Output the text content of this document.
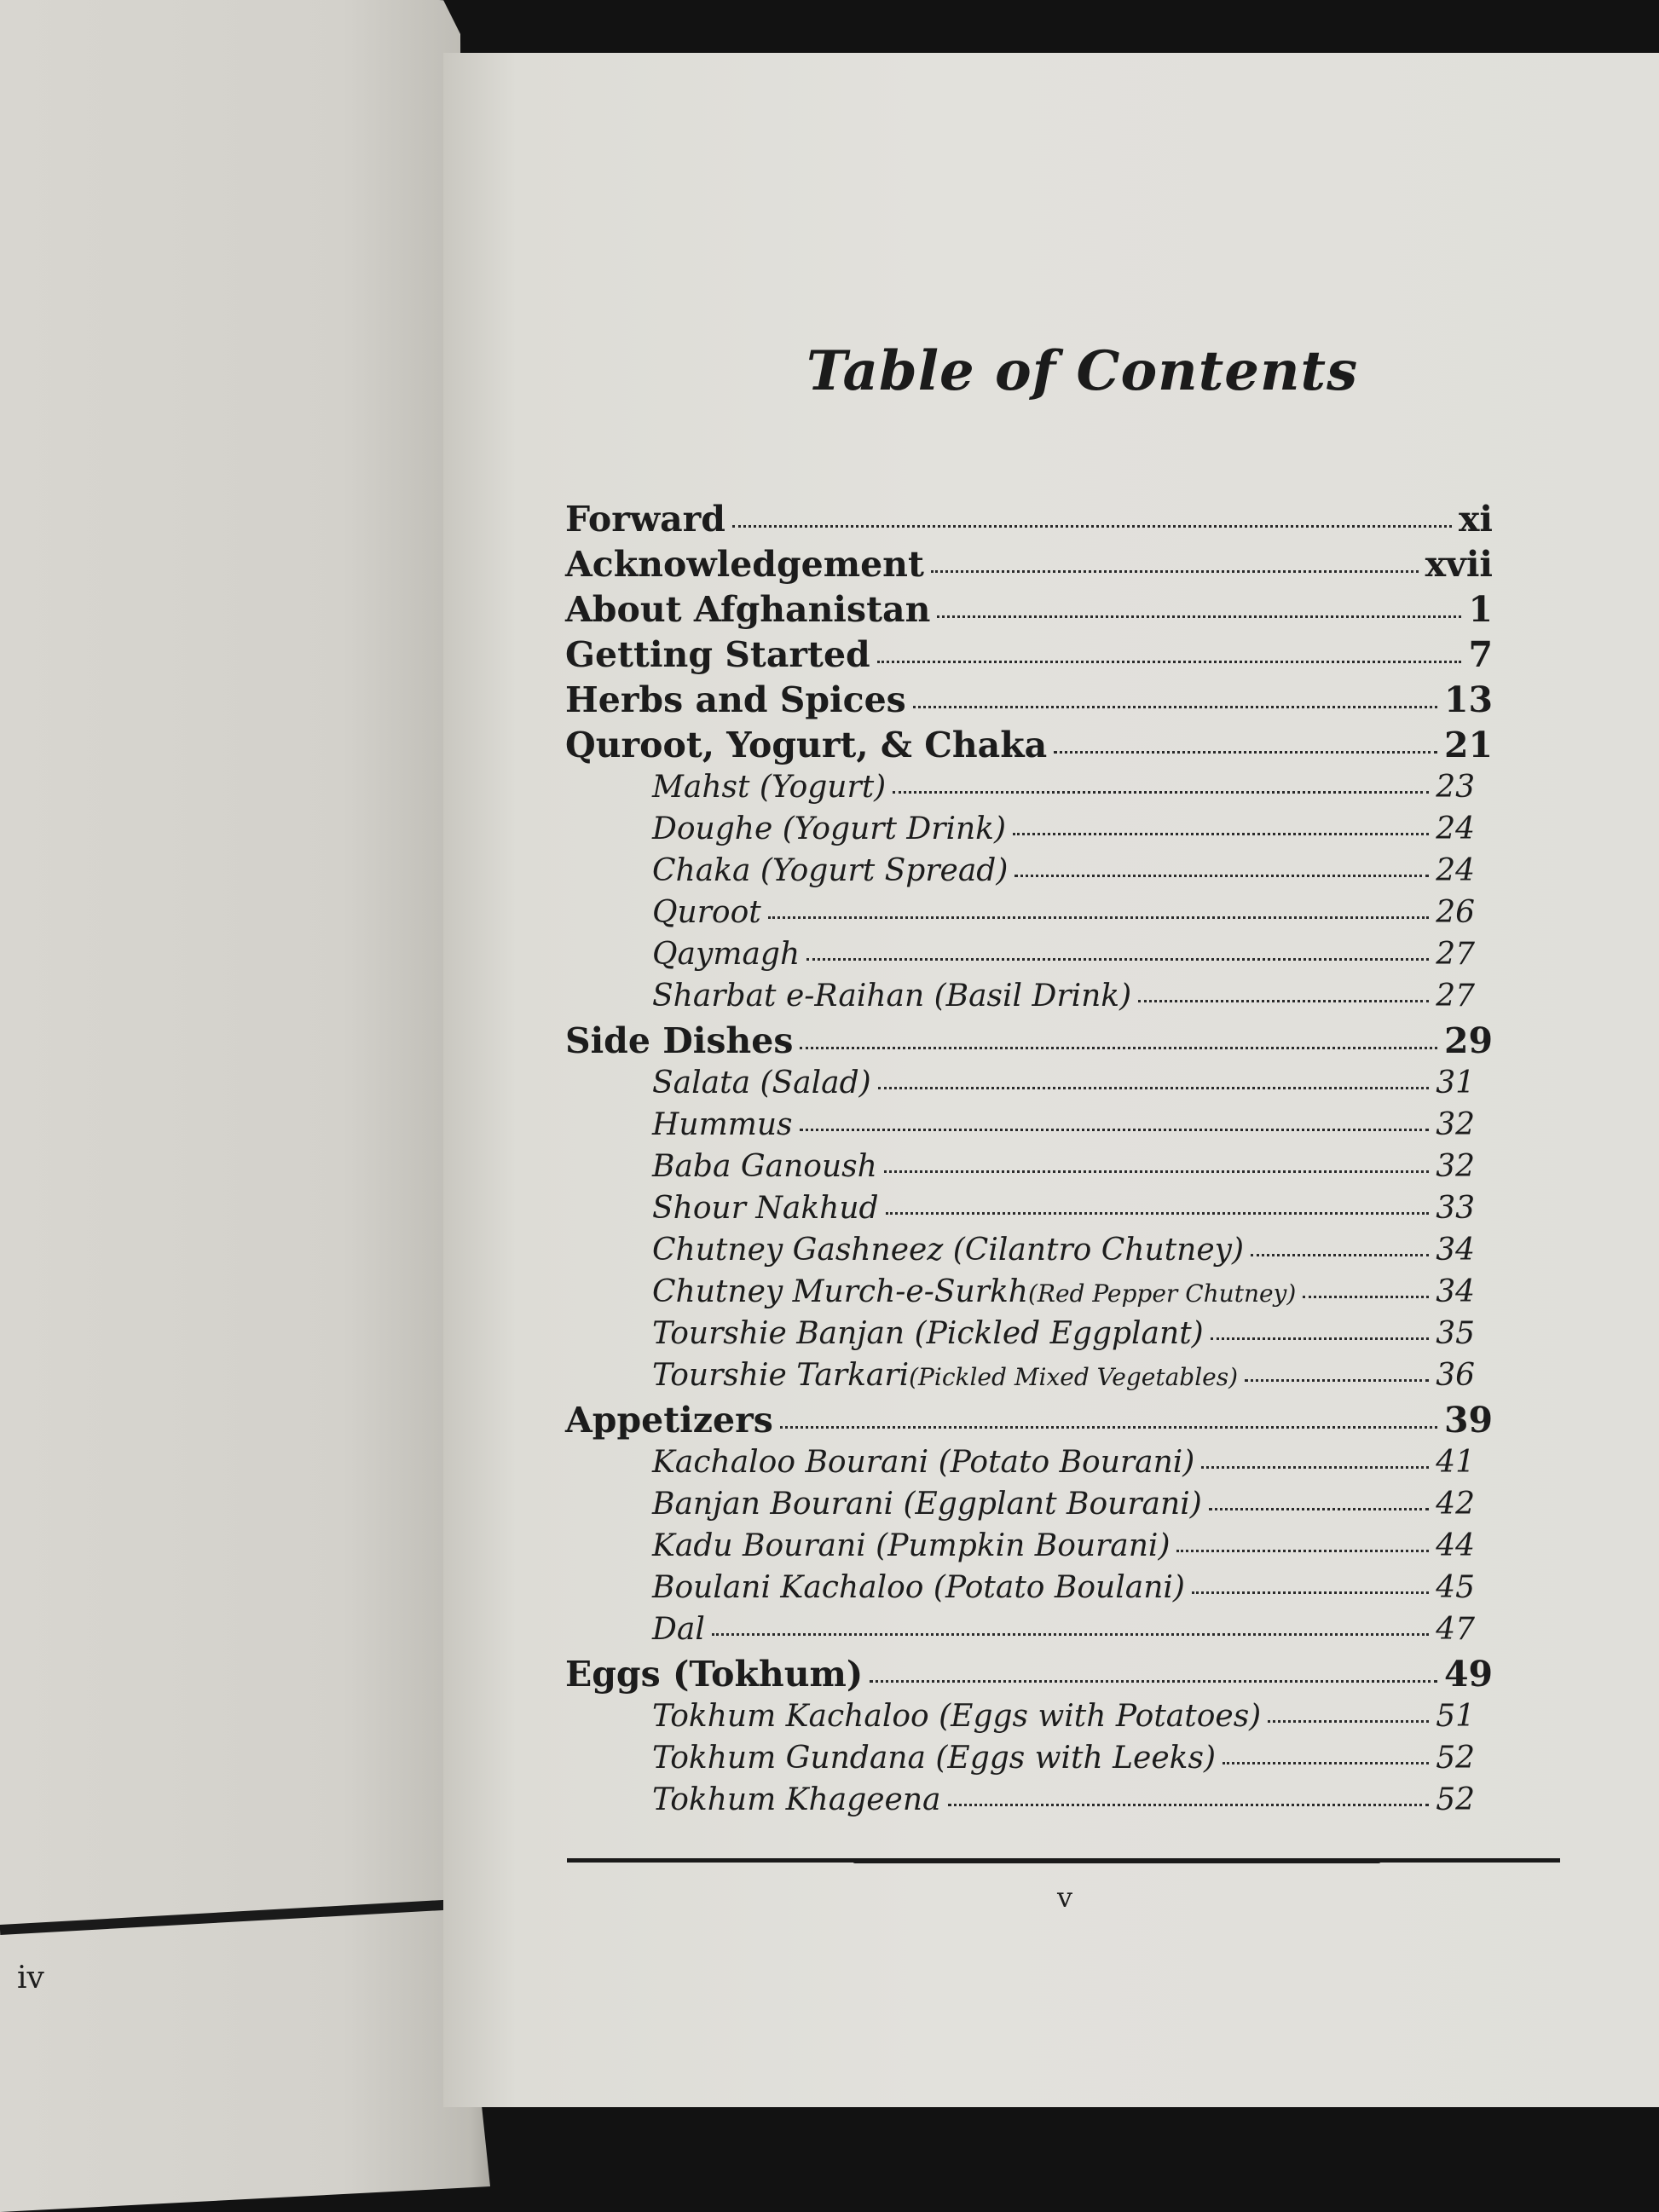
iv
Table of Contents
Forward	xi
Acknowledgement	xvii
About Afghanistan	1
Getting Started	7
Herbs and Spices	13
Quroot, Yogurt, & Chaka	21
Mahst (Yogurt)	23
Doughe (Yogurt Drink)	24
Chaka (Yogurt Spread)	24
Quroot	26
Qaymagh	27
Sharbat e-Raihan (Basil Drink)	27
Side Dishes	29
Salata (Salad)	31
Hummus	32
Baba Ganoush	32
Shour Nakhud	33
Chutney Gashneez (Cilantro Chutney)	34
Chutney Murch-e-Surkh (Red Pepper Chutney)	34
Tourshie Banjan (Pickled Eggplant)	35
Tourshie Tarkari (Pickled Mixed Vegetables)	36
Appetizers	39
Kachaloo Bourani (Potato Bourani)	41
Banjan Bourani (Eggplant Bourani)	42
Kadu Bourani (Pumpkin Bourani)	44
Boulani Kachaloo (Potato Boulani)	45
Dal	47
Eggs (Tokhum)	49
Tokhum Kachaloo (Eggs with Potatoes)	51
Tokhum Gundana (Eggs with Leeks)	52
Tokhum Khageena	52
v
